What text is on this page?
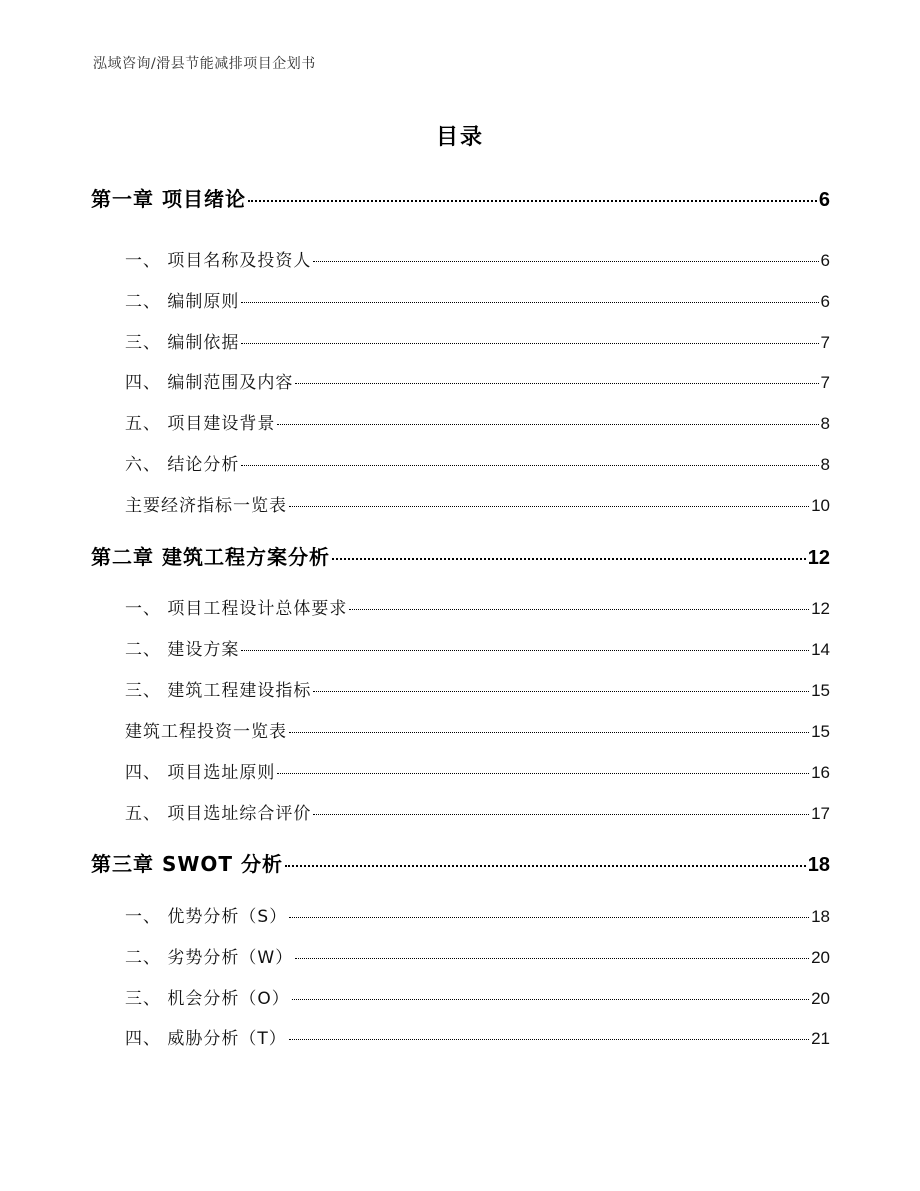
泓域咨询/滑县节能减排项目企划书
目录
第一章 项目绪论	6
一、 项目名称及投资人	6
二、 编制原则	6
三、 编制依据	7
四、 编制范围及内容	7
五、 项目建设背景	8
六、 结论分析	8
主要经济指标一览表	10
第二章 建筑工程方案分析	12
一、 项目工程设计总体要求	12
二、 建设方案	14
三、 建筑工程建设指标	15
建筑工程投资一览表	15
四、 项目选址原则	16
五、 项目选址综合评价	17
第三章 SWOT 分析	18
一、 优势分析（S）	18
二、 劣势分析（W）	20
三、 机会分析（O）	20
四、 威胁分析（T）	21
